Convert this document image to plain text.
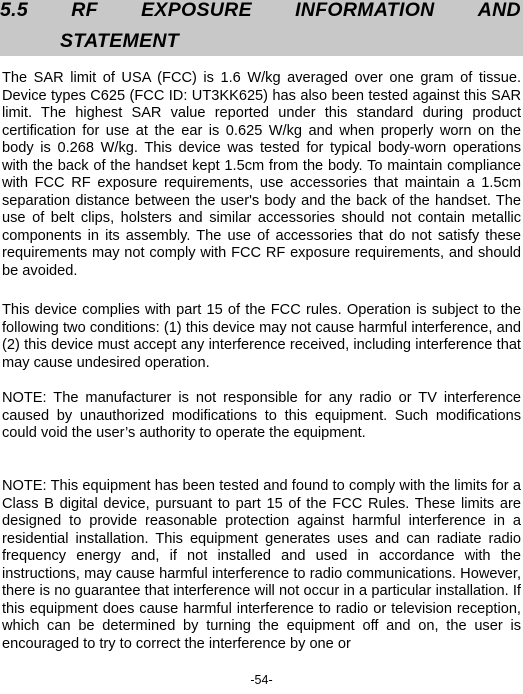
5.5 RF EXPOSURE INFORMATION AND
STATEMENT

The SAR limit of USA (FCC) is 1.6 W/kg averaged over one gram of tissue. Device types C625 (FCC ID: UT3KK625) has also been tested against this SAR limit. The highest SAR value reported under this standard during product certification for use at the ear is 0.625 W/kg and when properly worn on the body is 0.268 W/kg. This device was tested for typical body-worn operations with the back of the handset kept 1.5cm from the body. To maintain compliance with FCC RF exposure requirements, use accessories that maintain a 1.5cm separation distance between the user's body and the back of the handset. The use of belt clips, holsters and similar accessories should not contain metallic components in its assembly. The use of accessories that do not satisfy these requirements may not comply with FCC RF exposure requirements, and should be avoided.

This device complies with part 15 of the FCC rules. Operation is subject to the following two conditions: (1) this device may not cause harmful interference, and (2) this device must accept any interference received, including interference that may cause undesired operation.

NOTE: The manufacturer is not responsible for any radio or TV interference caused by unauthorized modifications to this equipment. Such modifications could void the user’s authority to operate the equipment.

NOTE: This equipment has been tested and found to comply with the limits for a Class B digital device, pursuant to part 15 of the FCC Rules. These limits are designed to provide reasonable protection against harmful interference in a residential installation. This equipment generates uses and can radiate radio frequency energy and, if not installed and used in accordance with the instructions, may cause harmful interference to radio communications. However, there is no guarantee that interference will not occur in a particular installation. If this equipment does cause harmful interference to radio or television reception, which can be determined by turning the equipment off and on, the user is encouraged to try to correct the interference by one or

-54-
